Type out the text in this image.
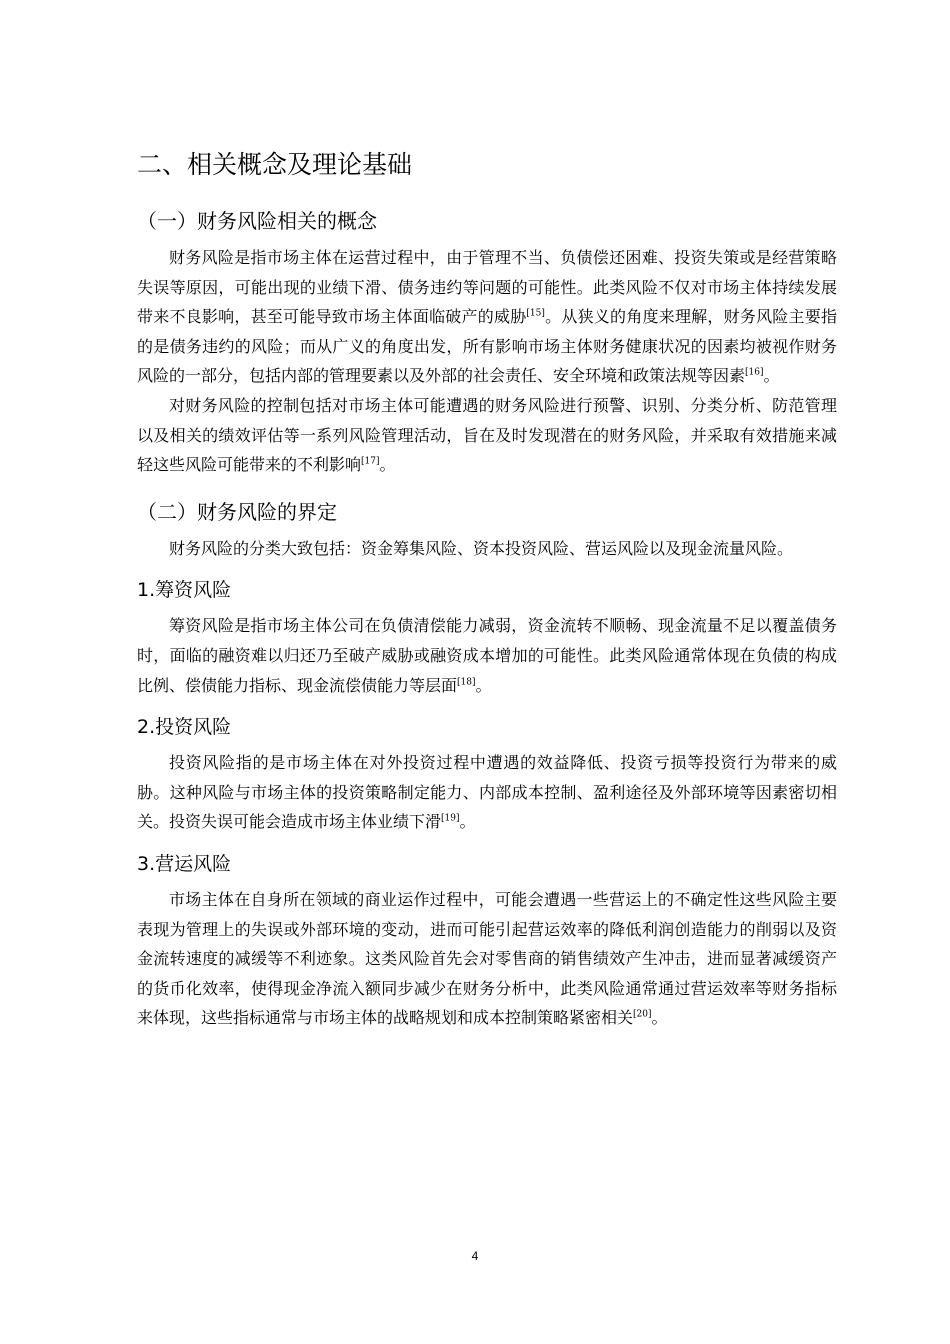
二、相关概念及理论基础
（一）财务风险相关的概念

财务风险是指市场主体在运营过程中，由于管理不当、负债偿还困难、投资失策或是经营策略失误等原因，可能出现的业绩下滑、债务违约等问题的可能性。此类风险不仅对市场主体持续发展带来不良影响，甚至可能导致市场主体面临破产的威胁[15]。从狭义的角度来理解，财务风险主要指的是债务违约的风险；而从广义的角度出发，所有影响市场主体财务健康状况的因素均被视作财务风险的一部分，包括内部的管理要素以及外部的社会责任、安全环境和政策法规等因素[16]。

对财务风险的控制包括对市场主体可能遭遇的财务风险进行预警、识别、分类分析、防范管理以及相关的绩效评估等一系列风险管理活动，旨在及时发现潜在的财务风险，并采取有效措施来减轻这些风险可能带来的不利影响[17]。

（二）财务风险的界定

财务风险的分类大致包括：资金筹集风险、资本投资风险、营运风险以及现金流量风险。

1.筹资风险

筹资风险是指市场主体公司在负债清偿能力减弱，资金流转不顺畅、现金流量不足以覆盖债务时，面临的融资难以归还乃至破产威胁或融资成本增加的可能性。此类风险通常体现在负债的构成比例、偿债能力指标、现金流偿债能力等层面[18]。

2.投资风险

投资风险指的是市场主体在对外投资过程中遭遇的效益降低、投资亏损等投资行为带来的威胁。这种风险与市场主体的投资策略制定能力、内部成本控制、盈利途径及外部环境等因素密切相关。投资失误可能会造成市场主体业绩下滑[19]。

3.营运风险

市场主体在自身所在领域的商业运作过程中，可能会遭遇一些营运上的不确定性这些风险主要表现为管理上的失误或外部环境的变动，进而可能引起营运效率的降低利润创造能力的削弱以及资金流转速度的减缓等不利迹象。这类风险首先会对零售商的销售绩效产生冲击，进而显著减缓资产的货币化效率，使得现金净流入额同步减少在财务分析中，此类风险通常通过营运效率等财务指标来体现，这些指标通常与市场主体的战略规划和成本控制策略紧密相关[20]。

4
